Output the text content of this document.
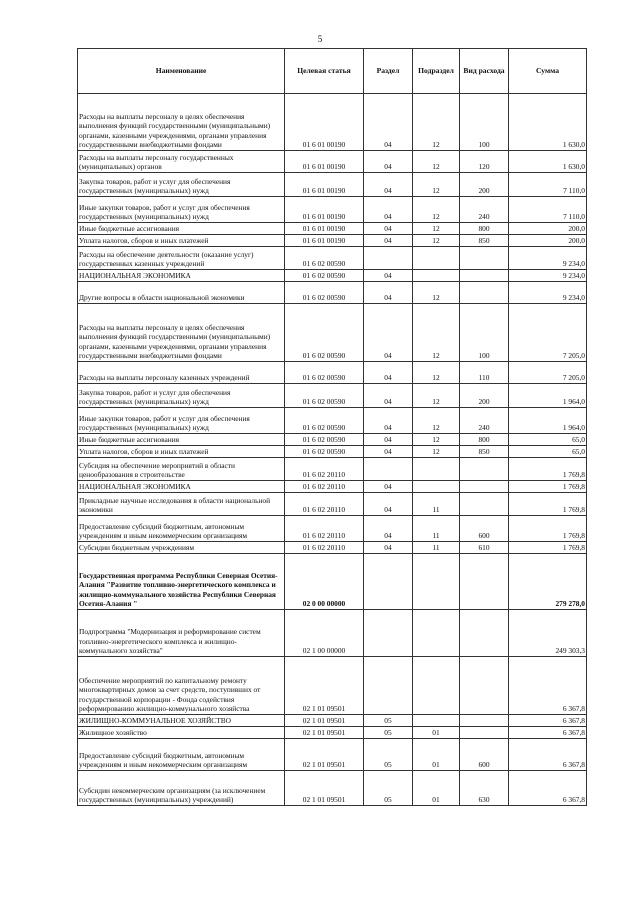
5
Наименование	Целевая статья	Раздел	Подраздел	Вид расхода	Сумма
Расходы на выплаты персоналу в целях обеспечения выполнения функций государственными (муниципальными) органами, казенными учреждениями, органами управления государственными внебюджетными фондами	01 6 01 00190	04	12	100	1 630,0
Расходы на выплаты персоналу государственных (муниципальных) органов	01 6 01 00190	04	12	120	1 630,0
Закупка товаров, работ и услуг для обеспечения государственных (муниципальных) нужд	01 6 01 00190	04	12	200	7 110,0
Иные закупки товаров, работ и услуг для обеспечения государственных (муниципальных) нужд	01 6 01 00190	04	12	240	7 110,0
Иные бюджетные ассигнования	01 6 01 00190	04	12	800	200,0
Уплата налогов, сборов и иных платежей	01 6 01 00190	04	12	850	200,0
Расходы на обеспечение деятельности (оказание услуг) государственных казенных учреждений	01 6 02 00590				9 234,0
НАЦИОНАЛЬНАЯ ЭКОНОМИКА	01 6 02 00590	04			9 234,0
Другие вопросы в области национальной экономики	01 6 02 00590	04	12		9 234,0
Расходы на выплаты персоналу в целях обеспечения выполнения функций государственными (муниципальными) органами, казенными учреждениями, органами управления государственными внебюджетными фондами	01 6 02 00590	04	12	100	7 205,0
Расходы на выплаты персоналу казенных учреждений	01 6 02 00590	04	12	110	7 205,0
Закупка товаров, работ и услуг для обеспечения государственных (муниципальных) нужд	01 6 02 00590	04	12	200	1 964,0
Иные закупки товаров, работ и услуг для обеспечения государственных (муниципальных) нужд	01 6 02 00590	04	12	240	1 964,0
Иные бюджетные ассигнования	01 6 02 00590	04	12	800	65,0
Уплата налогов, сборов и иных платежей	01 6 02 00590	04	12	850	65,0
Субсидия на обеспечение мероприятий в области ценообразования в строительстве	01 6 02 20110				1 769,8
НАЦИОНАЛЬНАЯ ЭКОНОМИКА	01 6 02 20110	04			1 769,8
Прикладные научные исследования в области национальной экономики	01 6 02 20110	04	11		1 769,8
Предоставление субсидий бюджетным, автономным учреждениям и иным некоммерческим организациям	01 6 02 20110	04	11	600	1 769,8
Субсидии бюджетным учреждениям	01 6 02 20110	04	11	610	1 769,8
Государственная программа Республики Северная Осетия-Алания "Развитие топливно-энергетического комплекса и жилищно-коммунального хозяйства Республики Северная Осетия-Алания "	02 0 00 00000				279 278,0
Подпрограмма "Модернизация и реформирование систем топливно-энергетического комплекса и жилищно-коммунального хозяйства"	02 1 00 00000				249 303,3
Обеспечение мероприятий по капитальному ремонту многоквартирных домов за счет средств, поступивших от государственной корпорации - Фонда содействия реформированию жилищно-коммунального хозяйства	02 1 01 09501				6 367,8
ЖИЛИЩНО-КОММУНАЛЬНОЕ ХОЗЯЙСТВО	02 1 01 09501	05			6 367,8
Жилищное хозяйство	02 1 01 09501	05	01		6 367,8
Предоставление субсидий бюджетным, автономным учреждениям и иным некоммерческим организациям	02 1 01 09501	05	01	600	6 367,8
Субсидии некоммерческим организациям (за исключением государственных (муниципальных) учреждений)	02 1 01 09501	05	01	630	6 367,8
